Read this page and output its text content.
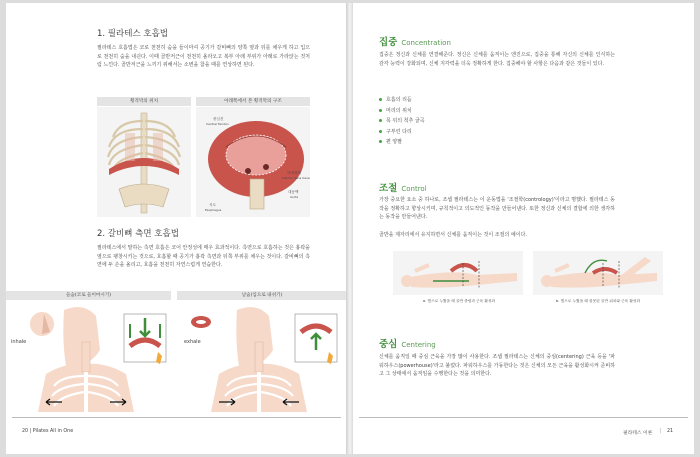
1. 필라테스 호흡법
필라테스 호흡법은 코로 천천히 숨을 들이마셔 공기가 갈비뼈의 양쪽 옆과 뒤를 채우게 하고 입으로 천천히 숨을 내쉰다. 이때 골반저근이 천천히 올라오고 복부 아래 부위가 아래로 가라앉는 것처럼 느낀다. 골반저근을 느끼기 위해서는 소변을 참을 때를 연상하면 된다.
횡격막의 위치	아래쪽에서 본 횡격막의 구조
중심건
Central Tendon
하대정맥
Inferior Vena Cava
대동맥
Aorta
식도
Esophagus
2. 갈비뼈 측면 호흡법
필라테스에서 말하는 측면 호흡은 코어 안정성에 매우 효과적이다. 측면으로 호흡하는 것은 흉곽을 옆으로 팽창시키는 것으로, 호흡할 때 공기가 흉곽 측면과 뒤쪽 부위를 채우는 것이다. 갈비뼈의 측면에 두 손을 올리고, 호흡을 천천히 자연스럽게 연습한다.
들숨(코로 들이마시기)	날숨(입으로 내쉬기)
inhale	exhale
20 | Pilates All in One
집중 Concentration
집중은 정신과 신체를 연결해준다. 정신은 신체를 움직이는 엔진으로, 집중을 통해 자신의 신체를 인식하는 감각 능력이 강화되며, 신체 지각력을 더욱 정확하게 한다. 집중해야 할 사항은 다음과 같은 것들이 있다.
호흡의 리듬
머리의 위치
목 뒤의 척추 굴곡
구부린 다리
편 양팔
조절 Control
가장 중요한 요소 중 하나로, 조셉 필라테스는 이 운동법을 '조절학(contrology)'이라고 명했다. 필라테스 동작을 정확하고 향상시키며, 규칙적이고 의도적인 동작을 만들어낸다. 또한 정신과 신체의 결합에 의한 생각하는 동작을 만들어낸다.
골반을 제자리에서 유지하면서 신체를 움직이는 것이 조절의 예이다.
a. 옆으로 누웠을 때 골반 중립과 근육 활성화	b. 옆으로 누웠을 때 잘못된 골반 위치와 근육 활성화
중심 Centering
신체를 움직일 때 중심 근육을 가장 많이 사용한다. 조셉 필라테스는 신체의 중심(centering) 근육 등을 '파워하우스(powerhouse)'라고 불렀다. 파워하우스를 가동한다는 것은 신체의 모든 근육을 활성화시켜 준비하고 그 상태에서 움직임을 수행한다는 것을 의미한다.
필라테스 이론 | 21
